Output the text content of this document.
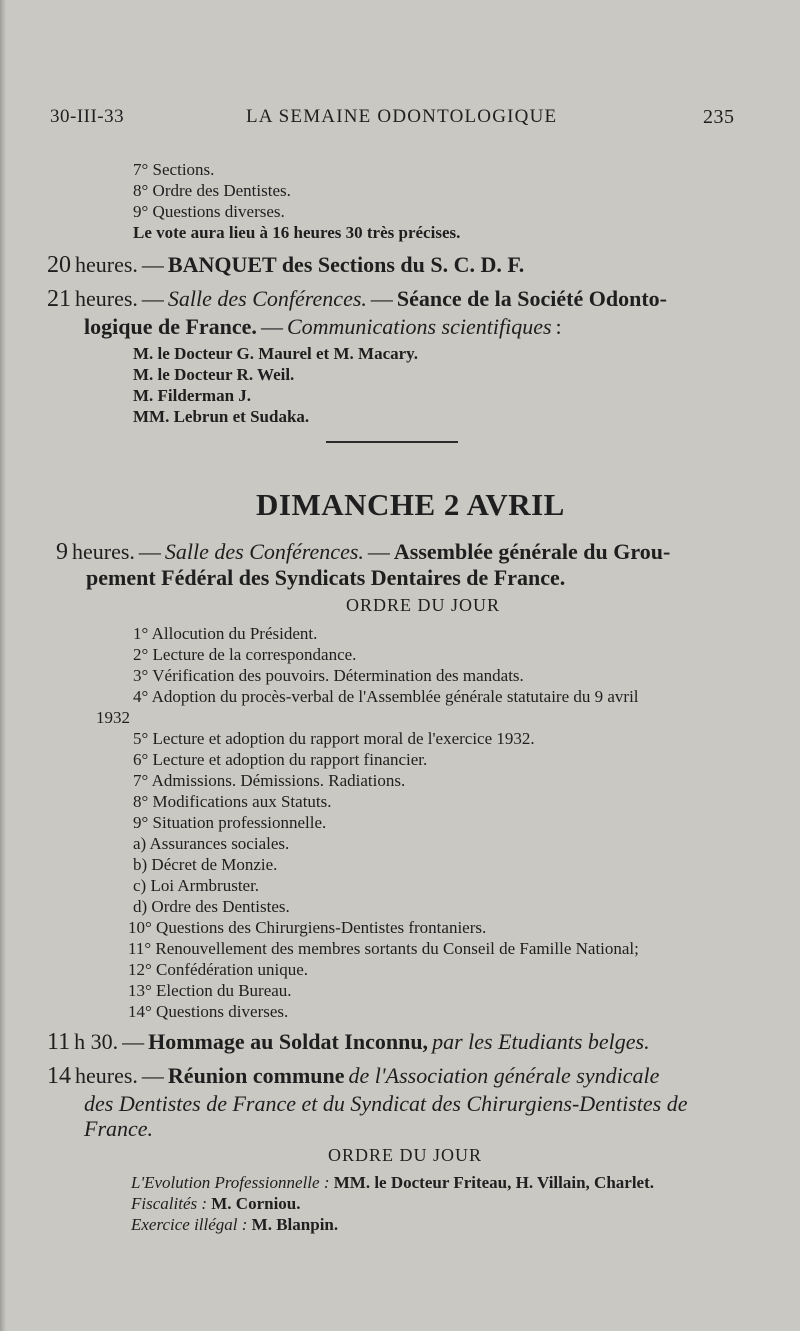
30-III-33	LA SEMAINE ODONTOLOGIQUE	235
7° Sections.
8° Ordre des Dentistes.
9° Questions diverses.
Le vote aura lieu à 16 heures 30 très précises.
20 heures. — BANQUET des Sections du S. C. D. F.
21 heures. — Salle des Conférences. — Séance de la Société Odonto-
logique de France. — Communications scientifiques :
M. le Docteur G. Maurel et M. Macary.
M. le Docteur R. Weil.
M. Filderman J.
MM. Lebrun et Sudaka.
DIMANCHE 2 AVRIL
9 heures. — Salle des Conférences. — Assemblée générale du Grou-
pement Fédéral des Syndicats Dentaires de France.
ORDRE DU JOUR
1° Allocution du Président.
2° Lecture de la correspondance.
3° Vérification des pouvoirs. Détermination des mandats.
4° Adoption du procès-verbal de l'Assemblée générale statutaire du 9 avril
1932
5° Lecture et adoption du rapport moral de l'exercice 1932.
6° Lecture et adoption du rapport financier.
7° Admissions. Démissions. Radiations.
8° Modifications aux Statuts.
9° Situation professionnelle.
a) Assurances sociales.
b) Décret de Monzie.
c) Loi Armbruster.
d) Ordre des Dentistes.
10° Questions des Chirurgiens-Dentistes frontaniers.
11° Renouvellement des membres sortants du Conseil de Famille National;
12° Confédération unique.
13° Election du Bureau.
14° Questions diverses.
11 h 30. — Hommage au Soldat Inconnu, par les Etudiants belges.
14 heures. — Réunion commune de l'Association générale syndicale
des Dentistes de France et du Syndicat des Chirurgiens-Dentistes de
France.
ORDRE DU JOUR
L'Evolution Professionnelle : MM. le Docteur Friteau, H. Villain, Charlet.
Fiscalités : M. Corniou.
Exercice illégal : M. Blanpin.
